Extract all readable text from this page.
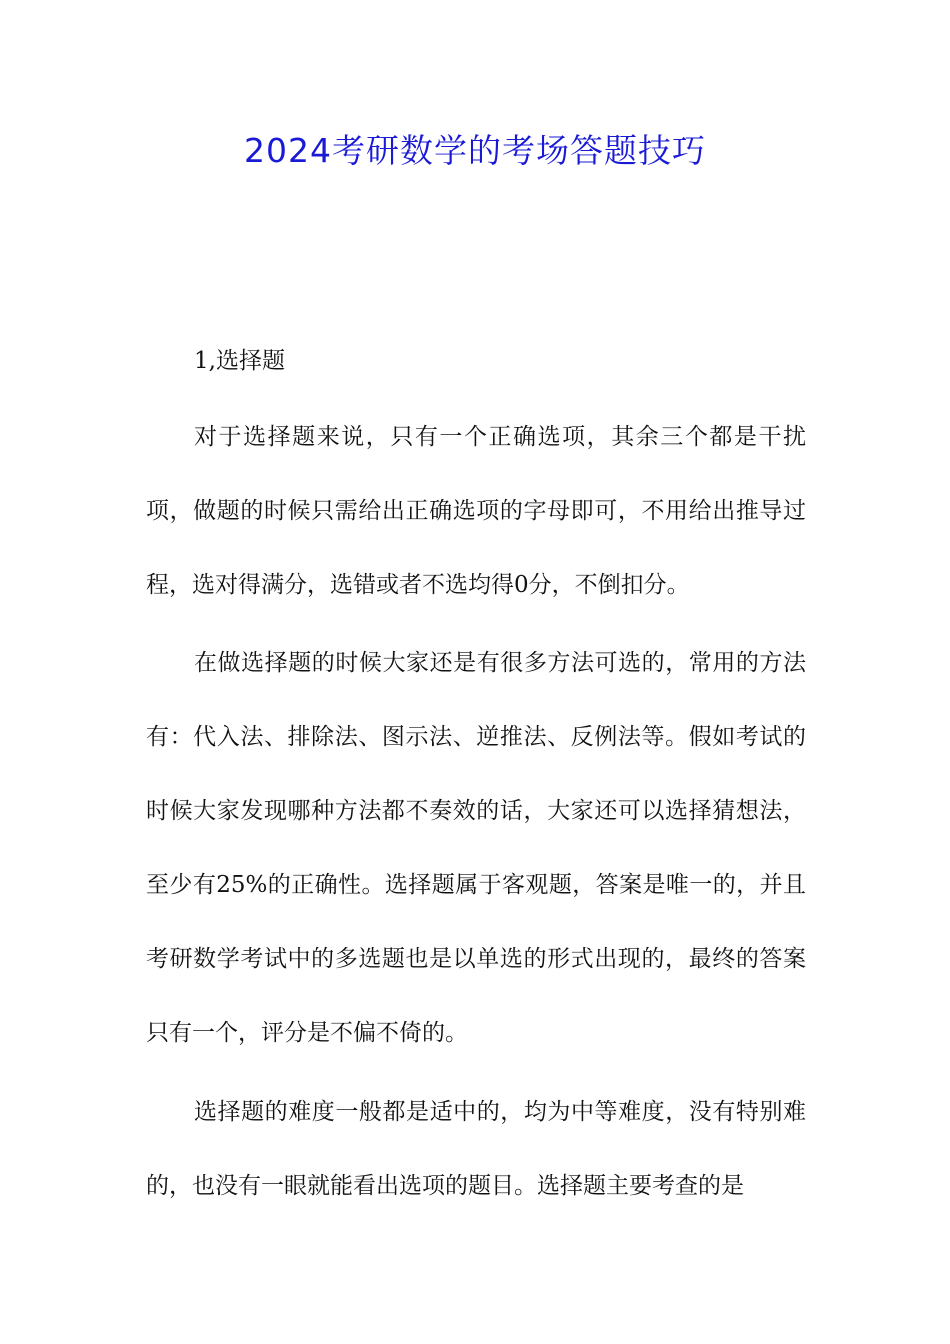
2024考研数学的考场答题技巧
1,选择题

对于选择题来说，只有一个正确选项，其余三个都是干扰项，做题的时候只需给出正确选项的字母即可，不用给出推导过程，选对得满分，选错或者不选均得0分，不倒扣分。

在做选择题的时候大家还是有很多方法可选的，常用的方法有：代入法、排除法、图示法、逆推法、反例法等。假如考试的时候大家发现哪种方法都不奏效的话，大家还可以选择猜想法，至少有25%的正确性。选择题属于客观题，答案是唯一的，并且考研数学考试中的多选题也是以单选的形式出现的，最终的答案只有一个，评分是不偏不倚的。

选择题的难度一般都是适中的，均为中等难度，没有特别难的，也没有一眼就能看出选项的题目。选择题主要考查的是
